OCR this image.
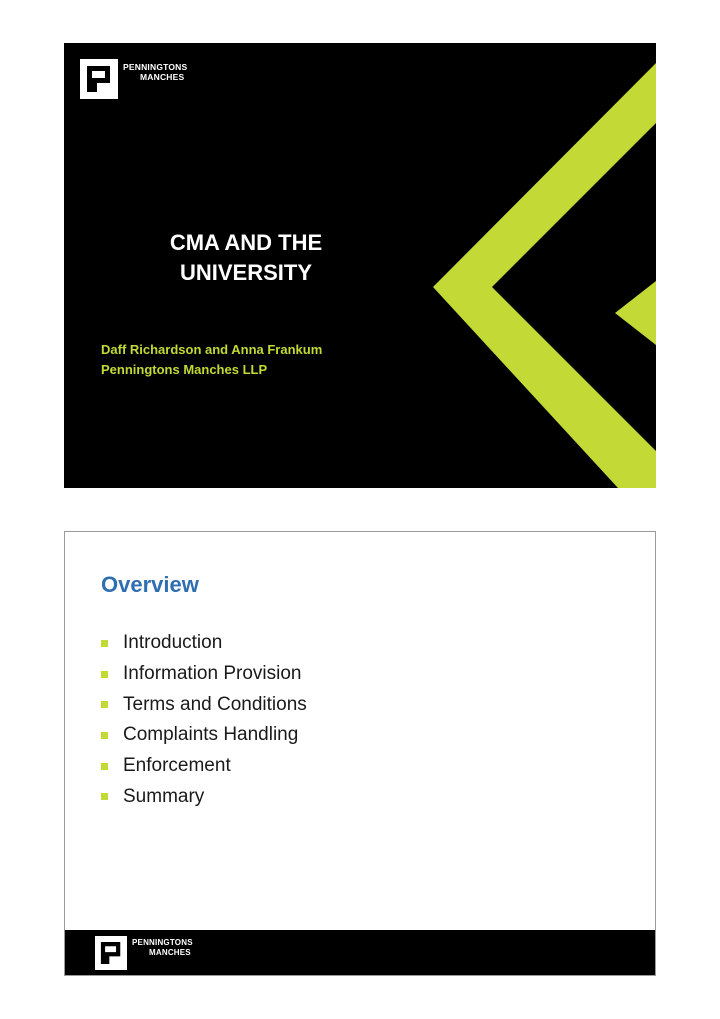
PENNINGTONS
MANCHES
CMA AND THE
UNIVERSITY
Daff Richardson and Anna Frankum
Penningtons Manches LLP
Overview
Introduction
Information Provision
Terms and Conditions
Complaints Handling
Enforcement
Summary
PENNINGTONS
MANCHES
